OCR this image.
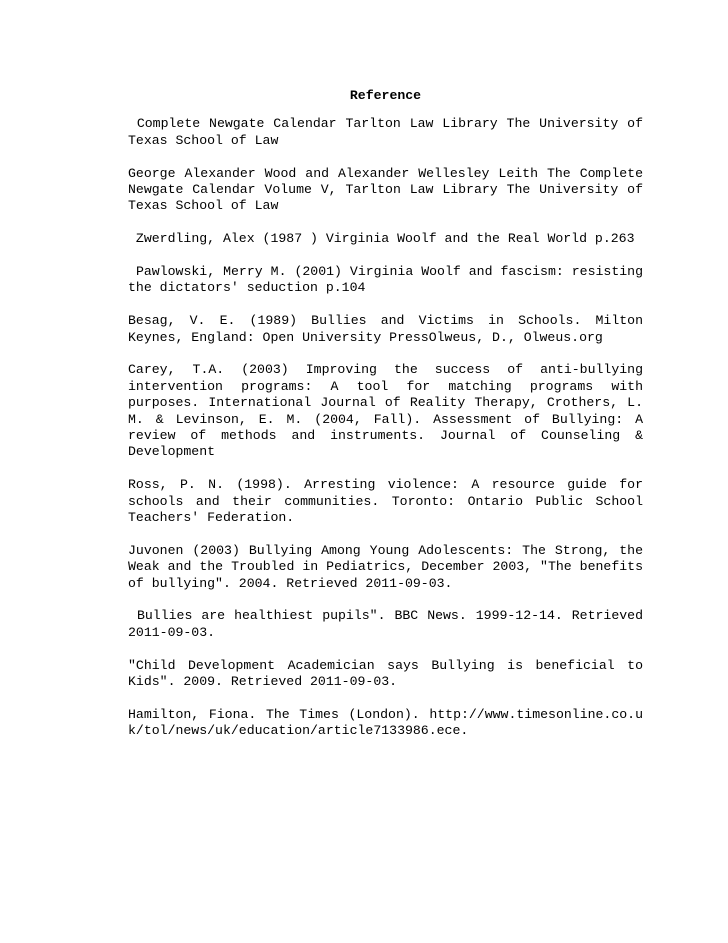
Reference
Complete Newgate Calendar Tarlton Law Library The University of Texas School of Law
George Alexander Wood and Alexander Wellesley Leith The Complete Newgate Calendar Volume V, Tarlton Law Library The University of Texas School of Law
Zwerdling, Alex (1987 ) Virginia Woolf and the Real World p.263
Pawlowski, Merry M. (2001) Virginia Woolf and fascism: resisting the dictators' seduction p.104
Besag, V. E. (1989) Bullies and Victims in Schools. Milton Keynes, England: Open University PressOlweus, D., Olweus.org
Carey, T.A. (2003) Improving the success of anti-bullying intervention programs: A tool for matching programs with purposes. International Journal of Reality Therapy, Crothers, L. M. & Levinson, E. M. (2004, Fall). Assessment of Bullying: A review of methods and instruments. Journal of Counseling & Development
Ross, P. N. (1998). Arresting violence: A resource guide for schools and their communities. Toronto: Ontario Public School Teachers' Federation.
Juvonen (2003) Bullying Among Young Adolescents: The Strong, the Weak and the Troubled in Pediatrics, December 2003, "The benefits of bullying". 2004. Retrieved 2011-09-03.
Bullies are healthiest pupils". BBC News. 1999-12-14. Retrieved 2011-09-03.
"Child Development Academician says Bullying is beneficial to Kids". 2009. Retrieved 2011-09-03.
Hamilton, Fiona. The Times (London). http://www.timesonline.co.uk/tol/news/uk/education/article7133986.ece.
